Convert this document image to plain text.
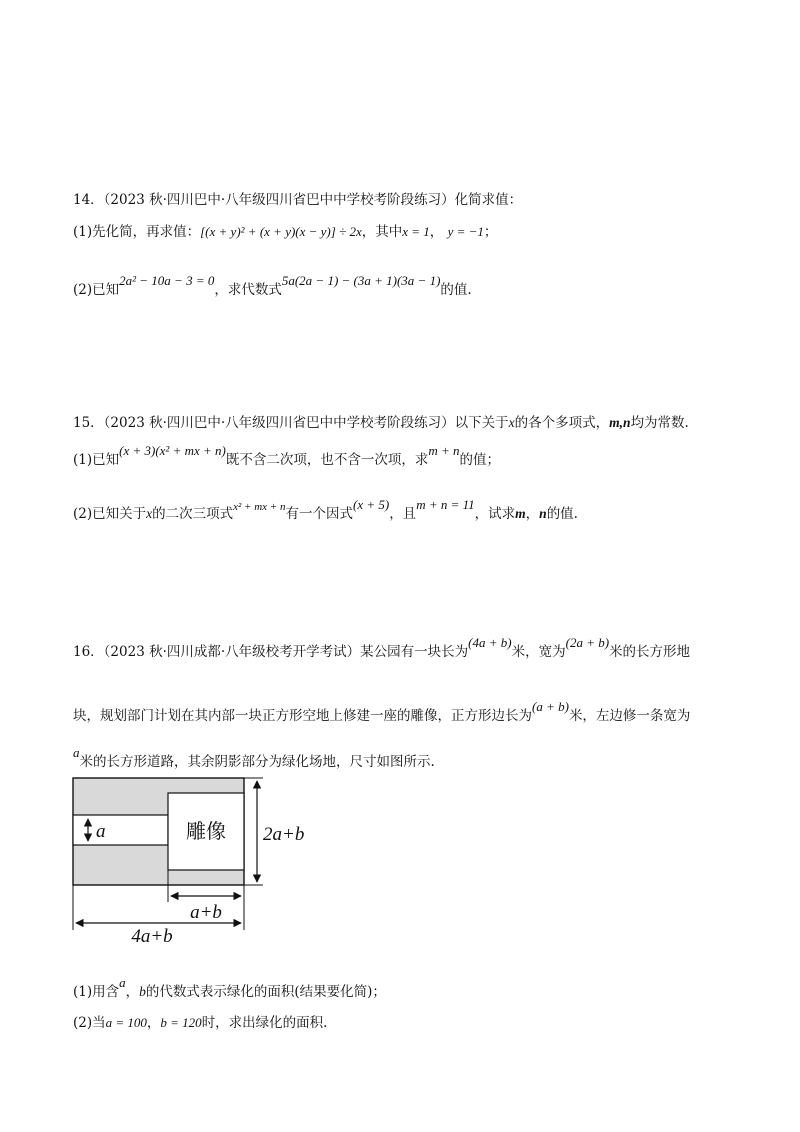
14．（2023 秋·四川巴中·八年级四川省巴中中学校考阶段练习）化简求值：
(1)先化简，再求值：[(x + y)² + (x + y)(x − y)] ÷ 2x，其中x = 1， y = −1；
(2)已知2a² − 10a − 3 = 0，求代数式5a(2a − 1) − (3a + 1)(3a − 1)的值.
15．（2023 秋·四川巴中·八年级四川省巴中中学校考阶段练习）以下关于x的各个多项式，m,n均为常数.
(1)已知(x + 3)(x² + mx + n)既不含二次项，也不含一次项，求m + n的值；
(2)已知关于x的二次三项式$^{x^2 + mx + n}$有一个因式(x + 5)，且m + n = 11，试求m，n的值.
16．（2023 秋·四川成都·八年级校考开学考试）某公园有一块长为(4a + b)米，宽为(2a + b)米的长方形地
块，规划部门计划在其内部一块正方形空地上修建一座的雕像，正方形边长为(a + b)米，左边修一条宽为
a米的长方形道路，其余阴影部分为绿化场地，尺寸如图所示.
雕像
a	2a+b
a+b
4a+b
(1)用含a，b的代数式表示绿化的面积(结果要化简)；
(2)当a = 100，b = 120时，求出绿化的面积.
